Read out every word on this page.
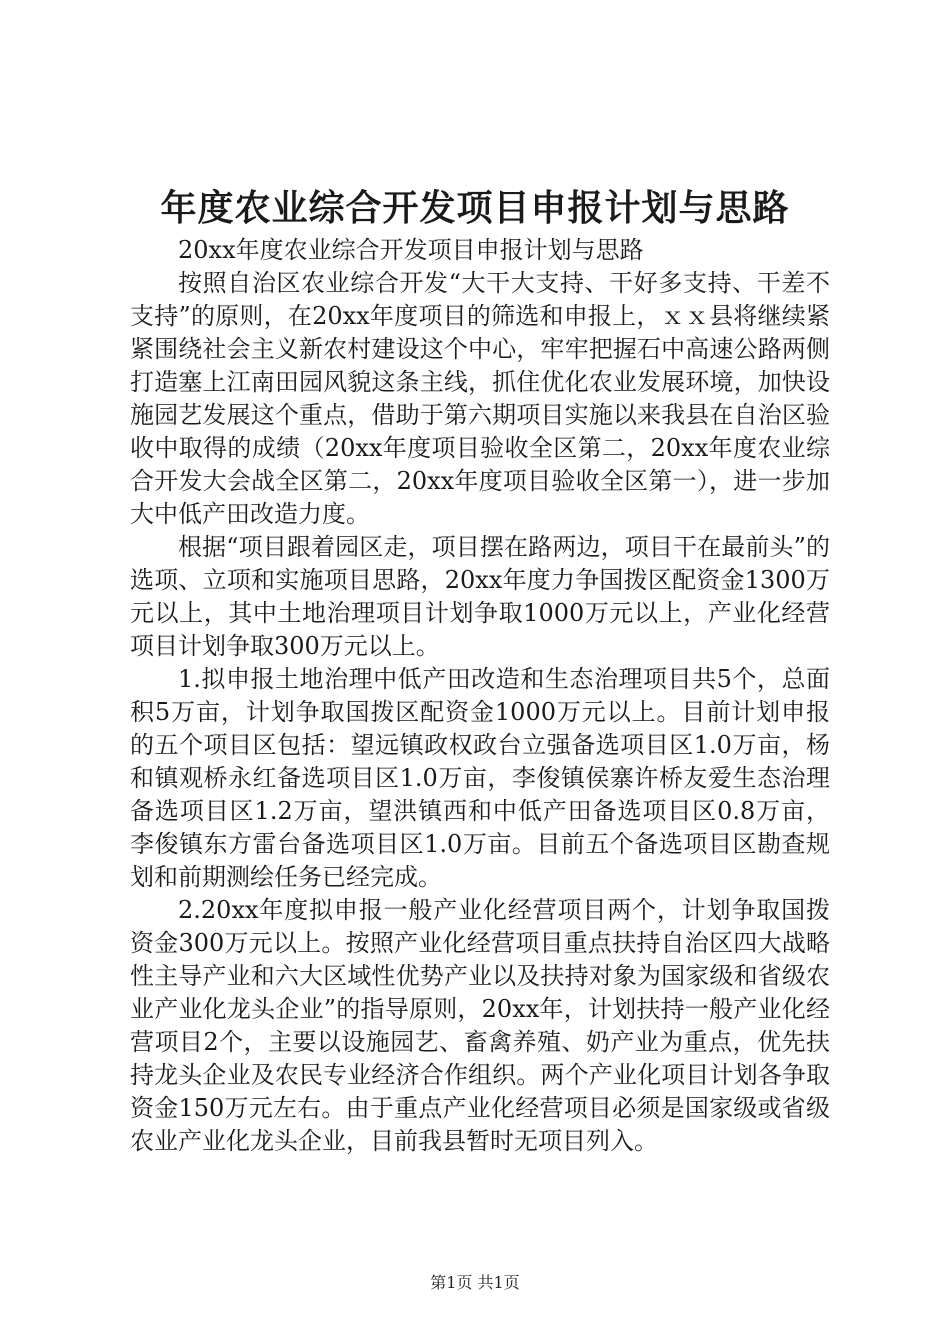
年度农业综合开发项目申报计划与思路

20xx年度农业综合开发项目申报计划与思路

按照自治区农业综合开发“大干大支持、干好多支持、干差不支持”的原则，在20xx年度项目的筛选和申报上，ｘｘ县将继续紧紧围绕社会主义新农村建设这个中心，牢牢把握石中高速公路两侧打造塞上江南田园风貌这条主线，抓住优化农业发展环境，加快设施园艺发展这个重点，借助于第六期项目实施以来我县在自治区验收中取得的成绩（20xx年度项目验收全区第二，20xx年度农业综合开发大会战全区第二，20xx年度项目验收全区第一），进一步加大中低产田改造力度。

根据“项目跟着园区走，项目摆在路两边，项目干在最前头”的选项、立项和实施项目思路，20xx年度力争国拨区配资金1300万元以上，其中土地治理项目计划争取1000万元以上，产业化经营项目计划争取300万元以上。

1.拟申报土地治理中低产田改造和生态治理项目共5个，总面积5万亩，计划争取国拨区配资金1000万元以上。目前计划申报的五个项目区包括：望远镇政权政台立强备选项目区1.0万亩，杨和镇观桥永红备选项目区1.0万亩，李俊镇侯寨许桥友爱生态治理备选项目区1.2万亩，望洪镇西和中低产田备选项目区0.8万亩，李俊镇东方雷台备选项目区1.0万亩。目前五个备选项目区勘查规划和前期测绘任务已经完成。

2.20xx年度拟申报一般产业化经营项目两个，计划争取国拨资金300万元以上。按照产业化经营项目重点扶持自治区四大战略性主导产业和六大区域性优势产业以及扶持对象为国家级和省级农业产业化龙头企业”的指导原则，20xx年，计划扶持一般产业化经营项目2个，主要以设施园艺、畜禽养殖、奶产业为重点，优先扶持龙头企业及农民专业经济合作组织。两个产业化项目计划各争取资金150万元左右。由于重点产业化经营项目必须是国家级或省级农业产业化龙头企业，目前我县暂时无项目列入。

第1页 共1页
